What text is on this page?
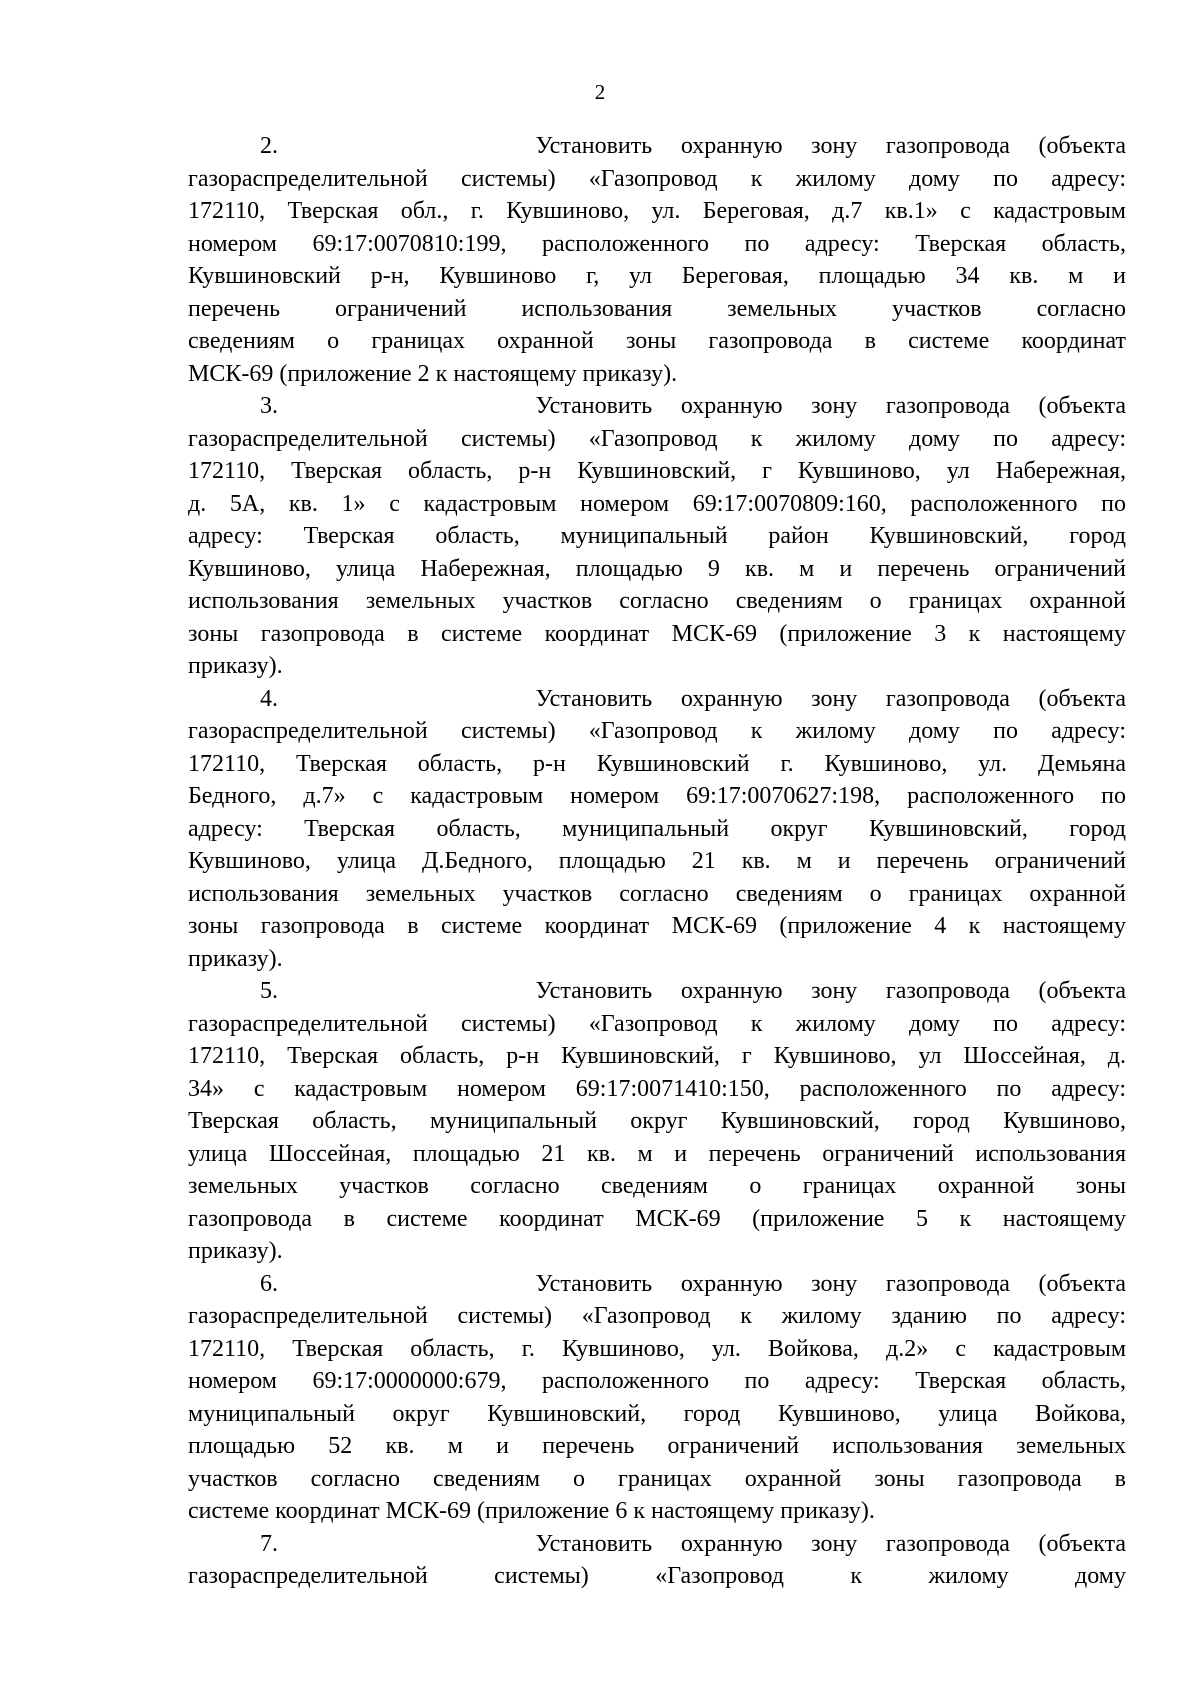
2
2.         Установить охранную зону газопровода (объекта
газораспределительной системы) «Газопровод к жилому дому по адресу:
172110, Тверская обл., г. Кувшиново, ул. Береговая, д.7 кв.1» с кадастровым
номером 69:17:0070810:199, расположенного по адресу: Тверская область,
Кувшиновский р-н, Кувшиново г, ул Береговая, площадью 34 кв. м и
перечень ограничений использования земельных участков согласно
сведениям о границах охранной зоны газопровода в системе координат
МСК-69 (приложение 2 к настоящему приказу).
3.         Установить охранную зону газопровода (объекта
газораспределительной системы) «Газопровод к жилому дому по адресу:
172110, Тверская область, р-н Кувшиновский, г Кувшиново, ул Набережная,
д. 5А, кв. 1» с кадастровым номером 69:17:0070809:160, расположенного по
адресу: Тверская область, муниципальный район Кувшиновский, город
Кувшиново, улица Набережная, площадью 9 кв. м и перечень ограничений
использования земельных участков согласно сведениям о границах охранной
зоны газопровода в системе координат МСК-69 (приложение 3 к настоящему
приказу).
4.         Установить охранную зону газопровода (объекта
газораспределительной системы) «Газопровод к жилому дому по адресу:
172110, Тверская область, р-н Кувшиновский г. Кувшиново, ул. Демьяна
Бедного, д.7» с кадастровым номером 69:17:0070627:198, расположенного по
адресу: Тверская область, муниципальный округ Кувшиновский, город
Кувшиново, улица Д.Бедного, площадью 21 кв. м и перечень ограничений
использования земельных участков согласно сведениям о границах охранной
зоны газопровода в системе координат МСК-69 (приложение 4 к настоящему
приказу).
5.         Установить охранную зону газопровода (объекта
газораспределительной системы) «Газопровод к жилому дому по адресу:
172110, Тверская область, р-н Кувшиновский, г Кувшиново, ул Шоссейная, д.
34» с кадастровым номером 69:17:0071410:150, расположенного по адресу:
Тверская область, муниципальный округ Кувшиновский, город Кувшиново,
улица Шоссейная, площадью 21 кв. м и перечень ограничений использования
земельных участков согласно сведениям о границах охранной зоны
газопровода в системе координат МСК-69 (приложение 5 к настоящему
приказу).
6.         Установить охранную зону газопровода (объекта
газораспределительной системы) «Газопровод к жилому зданию по адресу:
172110, Тверская область, г. Кувшиново, ул. Войкова, д.2» с кадастровым
номером 69:17:0000000:679, расположенного по адресу: Тверская область,
муниципальный округ Кувшиновский, город Кувшиново, улица Войкова,
площадью 52 кв. м и перечень ограничений использования земельных
участков согласно сведениям о границах охранной зоны газопровода в
системе координат МСК-69 (приложение 6 к настоящему приказу).
7.         Установить охранную зону газопровода (объекта
газораспределительной системы) «Газопровод к жилому дому
